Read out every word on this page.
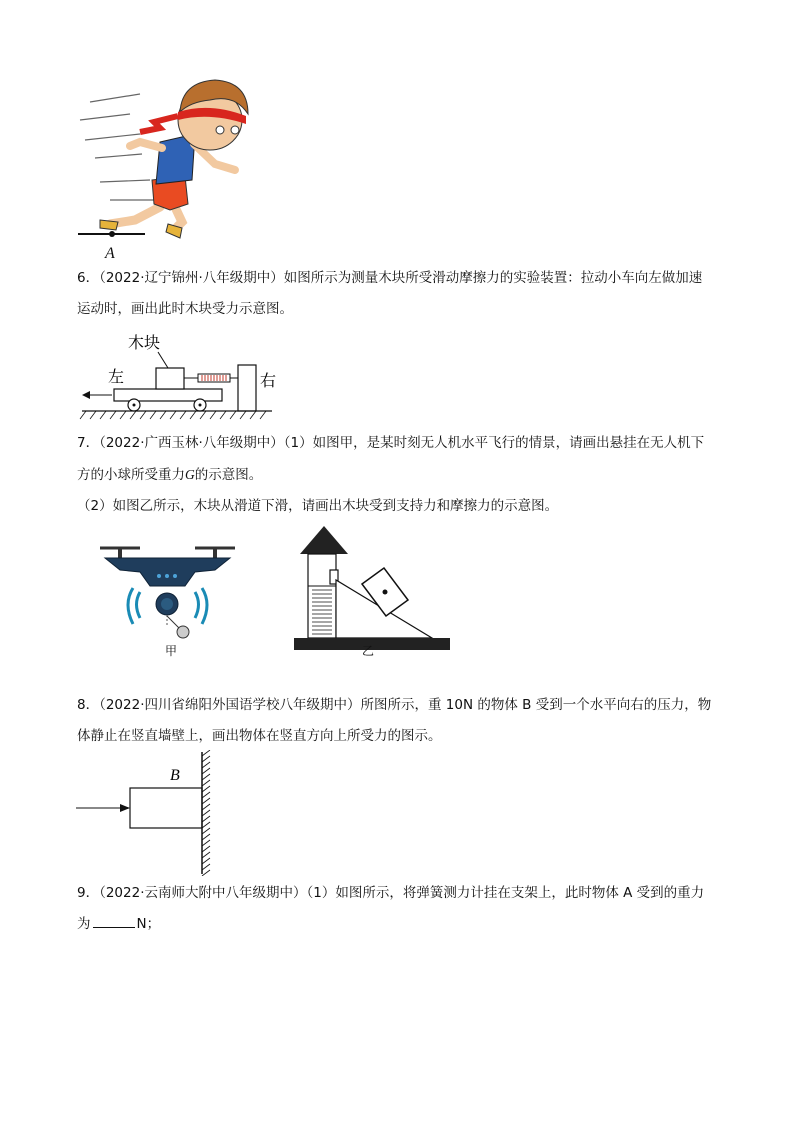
A
6．（2022·辽宁锦州·八年级期中）如图所示为测量木块所受滑动摩擦力的实验装置：拉动小车向左做加速
运动时，画出此时木块受力示意图。
木块
左	右
7．（2022·广西玉林·八年级期中）（1）如图甲，是某时刻无人机水平飞行的情景，请画出悬挂在无人机下
方的小球所受重力G的示意图。
（2）如图乙所示，木块从滑道下滑，请画出木块受到支持力和摩擦力的示意图。
甲	乙
8．（2022·四川省绵阳外国语学校八年级期中）所图所示，重 10N 的物体 B 受到一个水平向右的压力，物
体静止在竖直墙壁上，画出物体在竖直方向上所受力的图示。
B
9．（2022·云南师大附中八年级期中）（1）如图所示，将弹簧测力计挂在支架上，此时物体 A 受到的重力
为	N；
